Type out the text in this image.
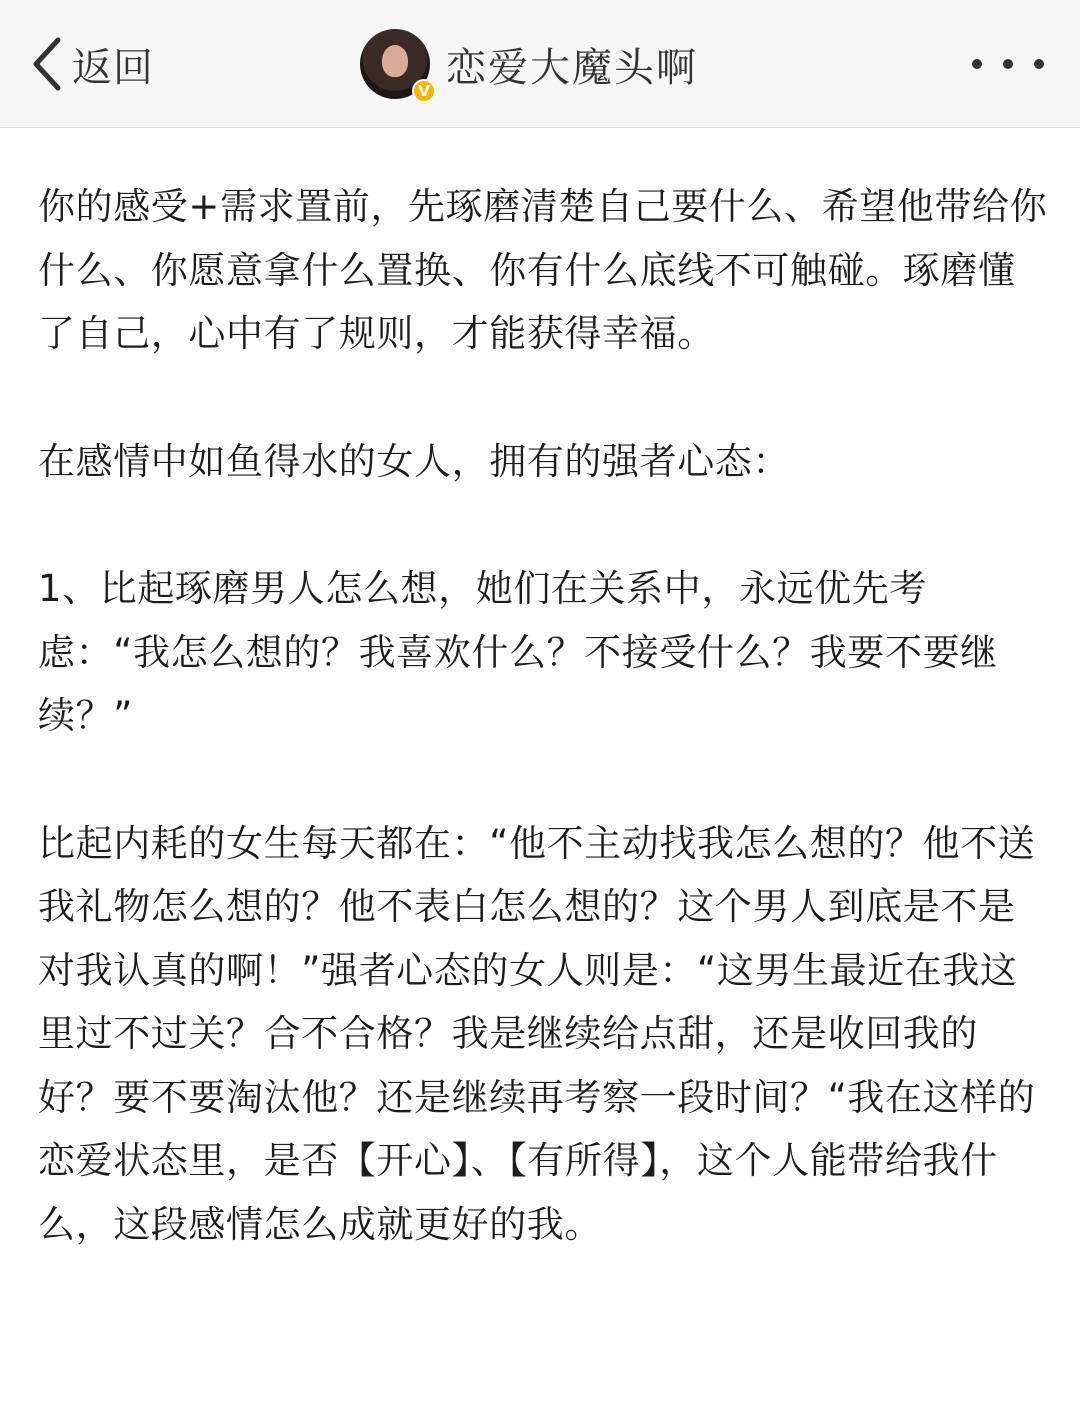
返回
V
恋爱大魔头啊

你的感受+需求置前，先琢磨清楚自己要什么、希望他带给你什么、你愿意拿什么置换、你有什么底线不可触碰。琢磨懂了自己，心中有了规则，才能获得幸福。

在感情中如鱼得水的女人，拥有的强者心态：

1、比起琢磨男人怎么想，她们在关系中，永远优先考虑：“我怎么想的？我喜欢什么？不接受什么？我要不要继续？”

比起内耗的女生每天都在：“他不主动找我怎么想的？他不送我礼物怎么想的？他不表白怎么想的？这个男人到底是不是对我认真的啊！”强者心态的女人则是：“这男生最近在我这里过不过关？合不合格？我是继续给点甜，还是收回我的好？要不要淘汰他？还是继续再考察一段时间？“我在这样的恋爱状态里，是否【开心】、【有所得】，这个人能带给我什么，这段感情怎么成就更好的我。
